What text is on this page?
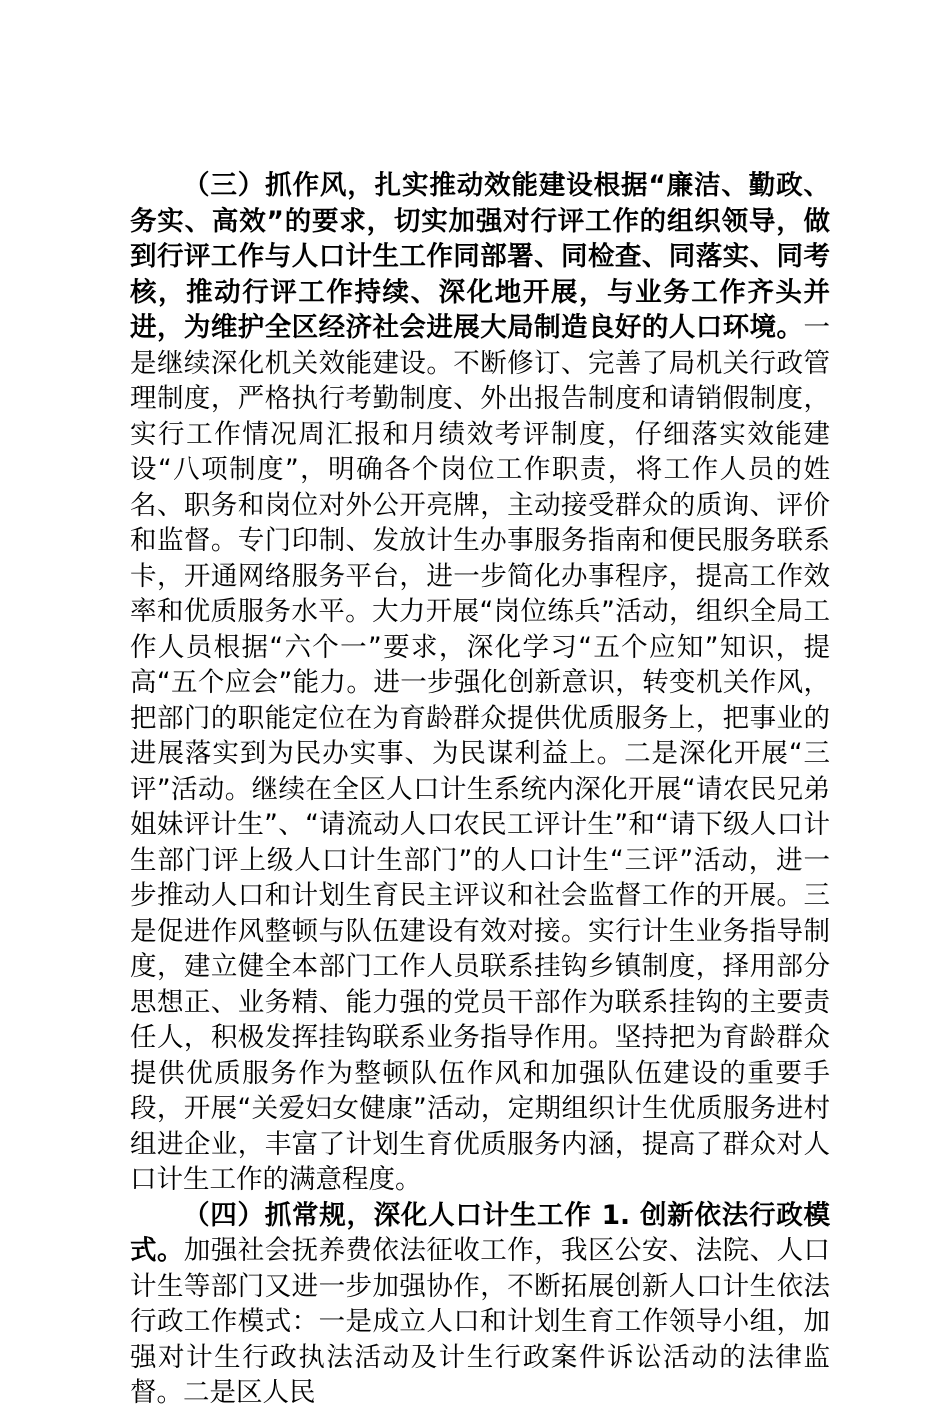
（三）抓作风，扎实推动效能建设根据“廉洁、勤政、务实、高效”的要求，切实加强对行评工作的组织领导，做到行评工作与人口计生工作同部署、同检查、同落实、同考核，推动行评工作持续、深化地开展，与业务工作齐头并进，为维护全区经济社会进展大局制造良好的人口环境。一是继续深化机关效能建设。不断修订、完善了局机关行政管理制度，严格执行考勤制度、外出报告制度和请销假制度，实行工作情况周汇报和月绩效考评制度，仔细落实效能建设“八项制度”，明确各个岗位工作职责，将工作人员的姓名、职务和岗位对外公开亮牌，主动接受群众的质询、评价和监督。专门印制、发放计生办事服务指南和便民服务联系卡，开通网络服务平台，进一步简化办事程序，提高工作效率和优质服务水平。大力开展“岗位练兵”活动，组织全局工作人员根据“六个一”要求，深化学习“五个应知”知识，提高“五个应会”能力。进一步强化创新意识，转变机关作风，把部门的职能定位在为育龄群众提供优质服务上，把事业的进展落实到为民办实事、为民谋利益上。二是深化开展“三评”活动。继续在全区人口计生系统内深化开展“请农民兄弟姐妹评计生”、“请流动人口农民工评计生”和“请下级人口计生部门评上级人口计生部门”的人口计生“三评”活动，进一步推动人口和计划生育民主评议和社会监督工作的开展。三是促进作风整顿与队伍建设有效对接。实行计生业务指导制度，建立健全本部门工作人员联系挂钩乡镇制度，择用部分思想正、业务精、能力强的党员干部作为联系挂钩的主要责任人，积极发挥挂钩联系业务指导作用。坚持把为育龄群众提供优质服务作为整顿队伍作风和加强队伍建设的重要手段，开展“关爱妇女健康”活动，定期组织计生优质服务进村组进企业，丰富了计划生育优质服务内涵，提高了群众对人口计生工作的满意程度。

（四）抓常规，深化人口计生工作 1. 创新依法行政模式。加强社会抚养费依法征收工作，我区公安、法院、人口计生等部门又进一步加强协作，不断拓展创新人口计生依法行政工作模式：一是成立人口和计划生育工作领导小组，加强对计生行政执法活动及计生行政案件诉讼活动的法律监督。二是区人民
